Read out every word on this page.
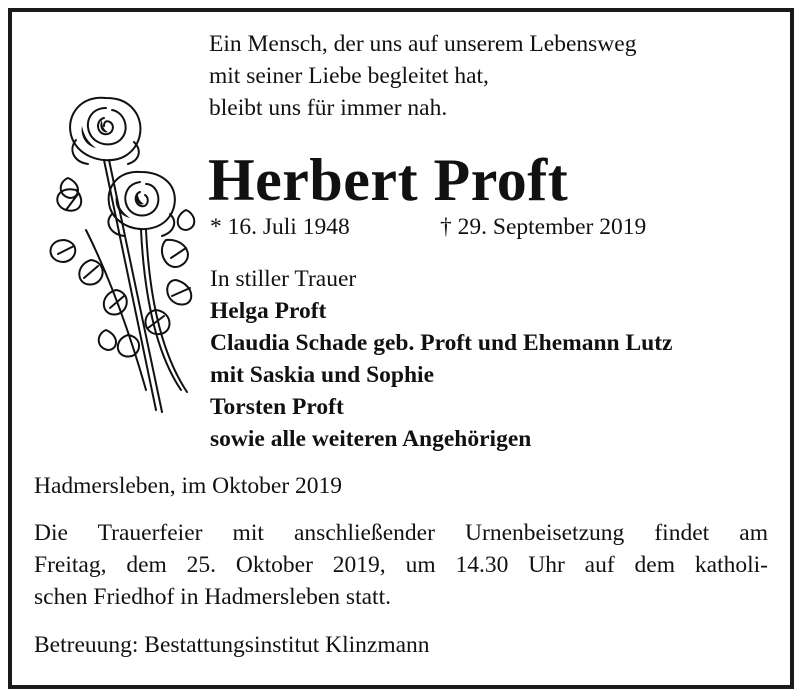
Ein Mensch, der uns auf unserem Lebensweg
mit seiner Liebe begleitet hat,
bleibt uns für immer nah.
Herbert Proft
* 16. Juli 1948	† 29. September 2019
In stiller Trauer
Helga Proft
Claudia Schade geb. Proft und Ehemann Lutz
mit Saskia und Sophie
Torsten Proft
sowie alle weiteren Angehörigen
Hadmersleben, im Oktober 2019
Die Trauerfeier mit anschließender Urnenbeisetzung findet am
Freitag, dem 25. Oktober 2019, um 14.30 Uhr auf dem katholi-
schen Friedhof in Hadmersleben statt.
Betreuung: Bestattungsinstitut Klinzmann
